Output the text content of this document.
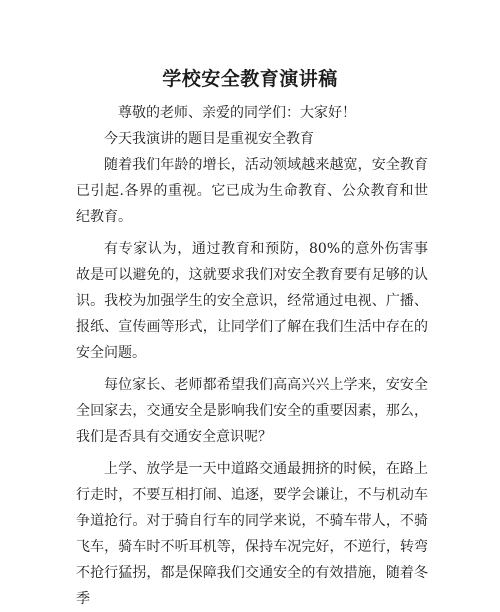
学校安全教育演讲稿

尊敬的老师、亲爱的同学们：大家好！

今天我演讲的题目是重视安全教育

随着我们年龄的增长，活动领域越来越宽，安全教育已引起.各界的重视。它已成为生命教育、公众教育和世纪教育。

有专家认为，通过教育和预防，80%的意外伤害事故是可以避免的，这就要求我们对安全教育要有足够的认识。我校为加强学生的安全意识，经常通过电视、广播、报纸、宣传画等形式，让同学们了解在我们生活中存在的安全问题。

每位家长、老师都希望我们高高兴兴上学来，安安全全回家去，交通安全是影响我们安全的重要因素，那么，我们是否具有交通安全意识呢？

上学、放学是一天中道路交通最拥挤的时候，在路上行走时，不要互相打闹、追逐，要学会谦让，不与机动车争道抢行。对于骑自行车的同学来说，不骑车带人，不骑飞车，骑车时不听耳机等，保持车况完好，不逆行，转弯不抢行猛拐，都是保障我们交通安全的有效措施，随着冬季
